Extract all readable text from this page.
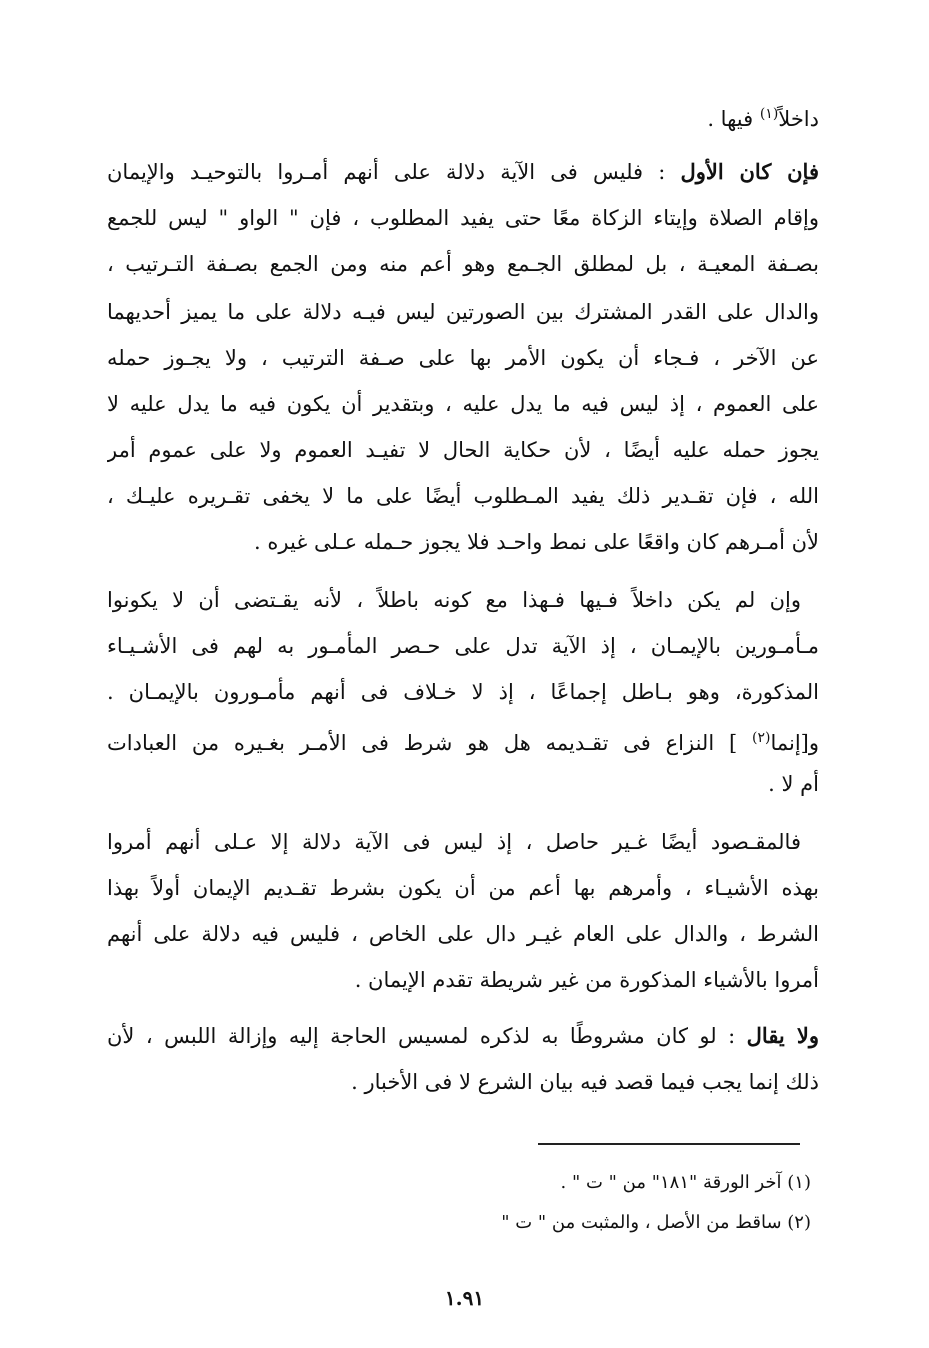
داخلاً$^{(١)}$ فيها .
فإن كان الأول : فليس فى الآية دلالة على أنهم أمـروا بالتوحيـد والإيمان
وإقام الصلاة وإيتاء الزكاة معًا حتى يفيد المطلوب ، فإن " الواو " ليس للجمع
بصـفة المعيـة ، بل لمطلق الجـمع وهو أعم منه ومن الجمع بصـفة التـرتيب ،
والدال على القدر المشترك بين الصورتين ليس فيـه دلالة على ما يميز أحديهما
عن الآخر ، فـجاء أن يكون الأمر بها على صـفة الترتيب ، ولا يجـوز حمله
على العموم ، إذ ليس فيه ما يدل عليه ، وبتقدير أن يكون فيه ما يدل عليه لا
يجوز حمله عليه أيضًا ، لأن حكاية الحال لا تفيـد العموم ولا على عموم أمر
الله ، فإن تقـدير ذلك يفيد المـطلوب أيضًا على ما لا يخفى تقـريره عليـك ،
لأن أمـرهم كان واقعًا على نمط واحـد فلا يجوز حـمله عـلى غيره .
وإن لم يكن داخلاً فـيها فـهذا مع كونه باطلاً ، لأنه يقـتضى أن لا يكونوا
مـأمـورين بالإيمـان ، إذ الآية تدل على حـصر المأمـور به لهم فى الأشـيـاء
المذكورة، وهو بـاطل إجماعًا ، إذ لا خـلاف فى أنهم مأمـورون بالإيمـان .
و[إنما$^{(٢)}$ ] النزاع فى تقـديمه هل هو شرط فى الأمـر بغـيره من العبادات
أم لا .
فالمقـصود أيضًا غـير حاصل ، إذ ليس فى الآية دلالة إلا عـلى أنهم أمروا
بهذه الأشيـاء ، وأمرهم بها أعم من أن يكون بشرط تقـديم الإيمان أولاً بهذا
الشرط ، والدال على العام غيـر دال على الخاص ، فليس فيه دلالة على أنهم
أمروا بالأشياء المذكورة من غير شريطة تقدم الإيمان .
ولا يقال : لو كان مشروطًا به لذكره لمسيس الحاجة إليه وإزالة اللبس ، لأن
ذلك إنما يجب فيما قصد فيه بيان الشرع لا فى الأخبار .
(١) آخر الورقة "١٨١" من " ت " .
(٢) ساقط من الأصل ، والمثبت من " ت "
١.٩١
